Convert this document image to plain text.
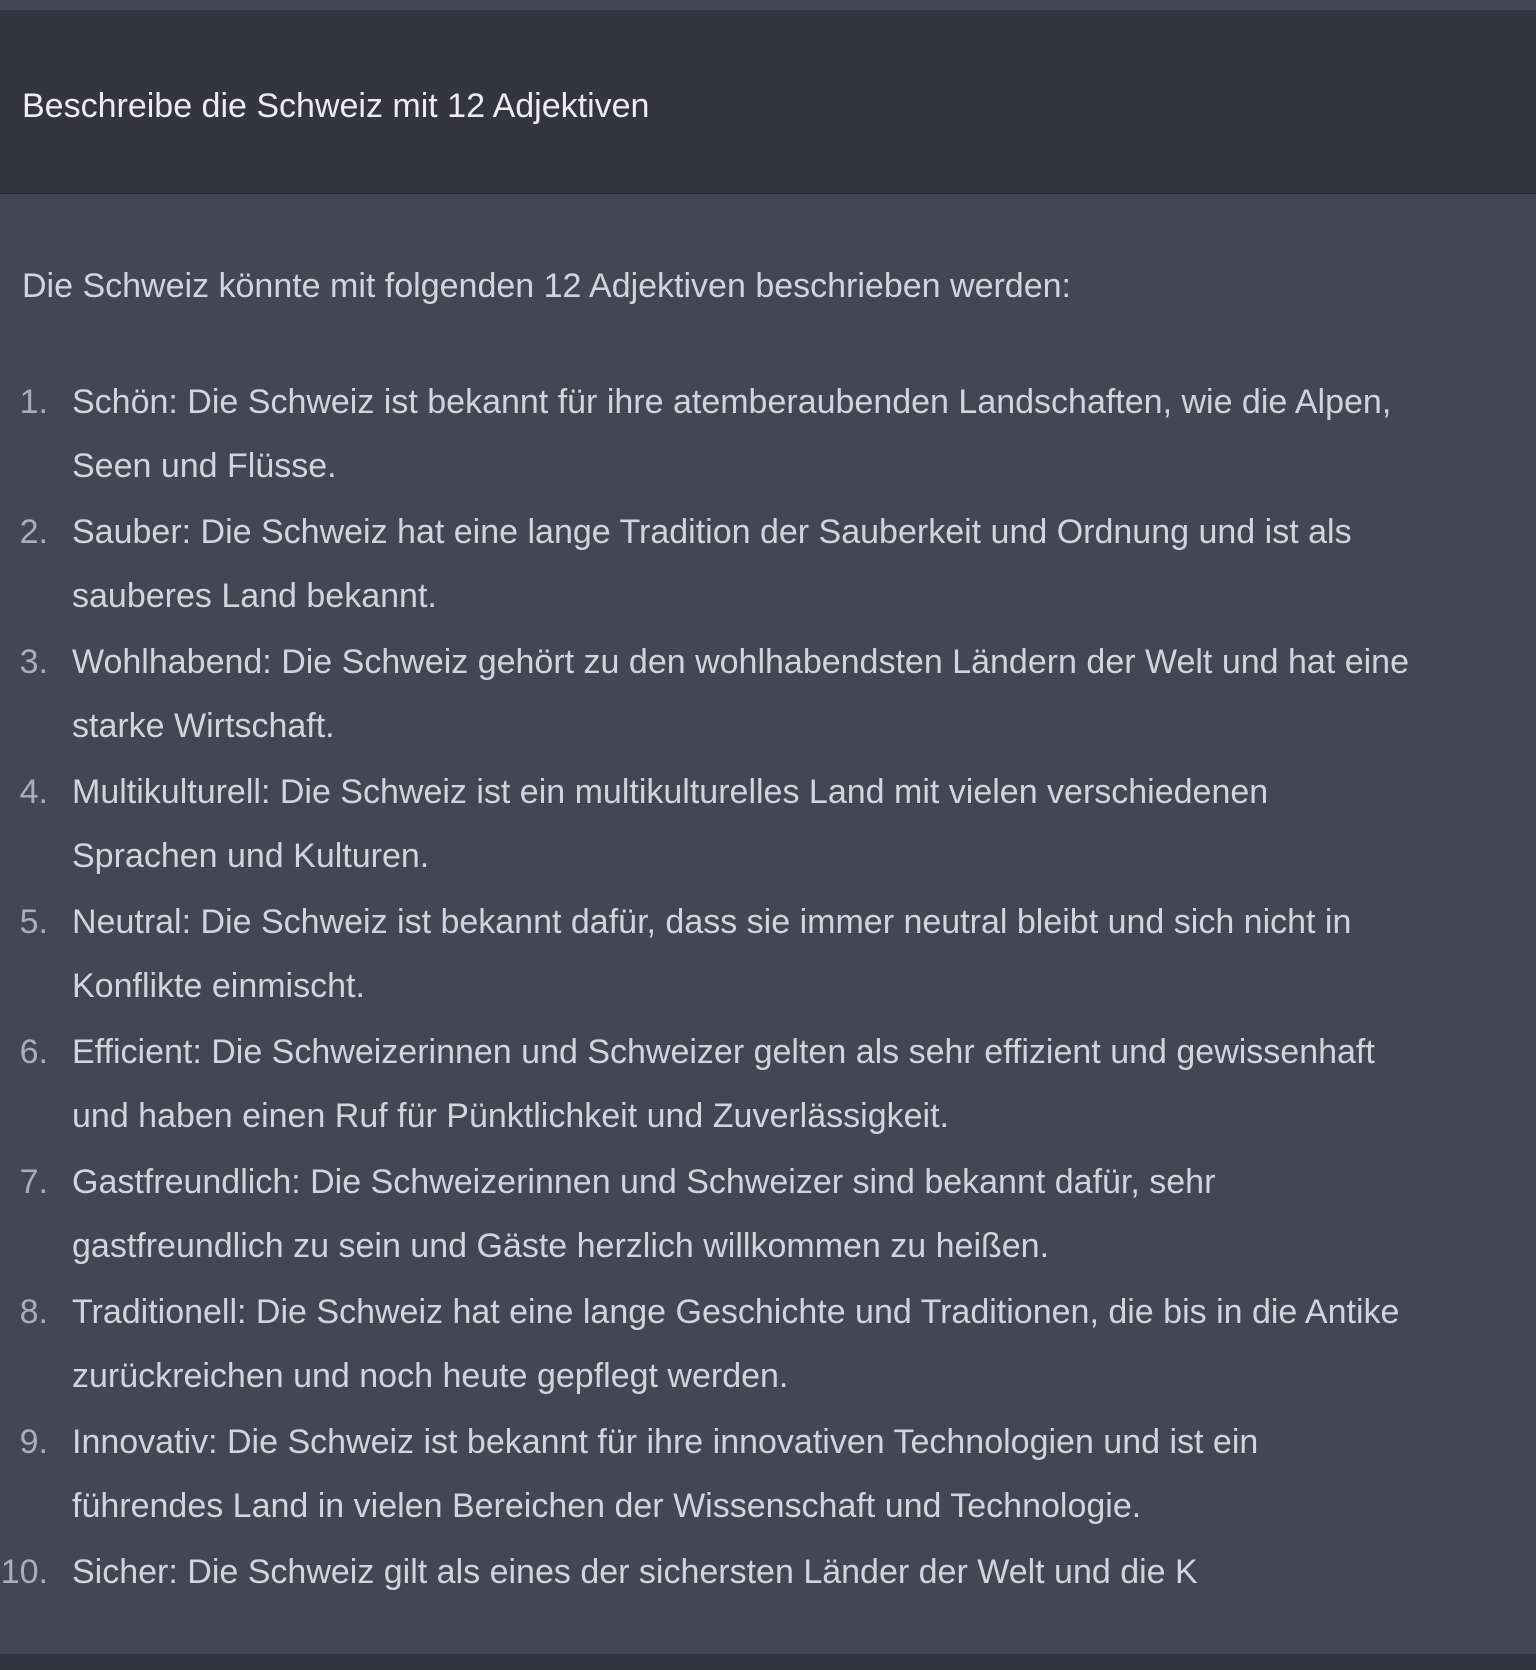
Beschreibe die Schweiz mit 12 Adjektiven
Die Schweiz könnte mit folgenden 12 Adjektiven beschrieben werden:
1. Schön: Die Schweiz ist bekannt für ihre atemberaubenden Landschaften, wie die Alpen,
Seen und Flüsse.
2. Sauber: Die Schweiz hat eine lange Tradition der Sauberkeit und Ordnung und ist als
sauberes Land bekannt.
3. Wohlhabend: Die Schweiz gehört zu den wohlhabendsten Ländern der Welt und hat eine
starke Wirtschaft.
4. Multikulturell: Die Schweiz ist ein multikulturelles Land mit vielen verschiedenen
Sprachen und Kulturen.
5. Neutral: Die Schweiz ist bekannt dafür, dass sie immer neutral bleibt und sich nicht in
Konflikte einmischt.
6. Efficient: Die Schweizerinnen und Schweizer gelten als sehr effizient und gewissenhaft
und haben einen Ruf für Pünktlichkeit und Zuverlässigkeit.
7. Gastfreundlich: Die Schweizerinnen und Schweizer sind bekannt dafür, sehr
gastfreundlich zu sein und Gäste herzlich willkommen zu heißen.
8. Traditionell: Die Schweiz hat eine lange Geschichte und Traditionen, die bis in die Antike
zurückreichen und noch heute gepflegt werden.
9. Innovativ: Die Schweiz ist bekannt für ihre innovativen Technologien und ist ein
führendes Land in vielen Bereichen der Wissenschaft und Technologie.
10. Sicher: Die Schweiz gilt als eines der sichersten Länder der Welt und die K
